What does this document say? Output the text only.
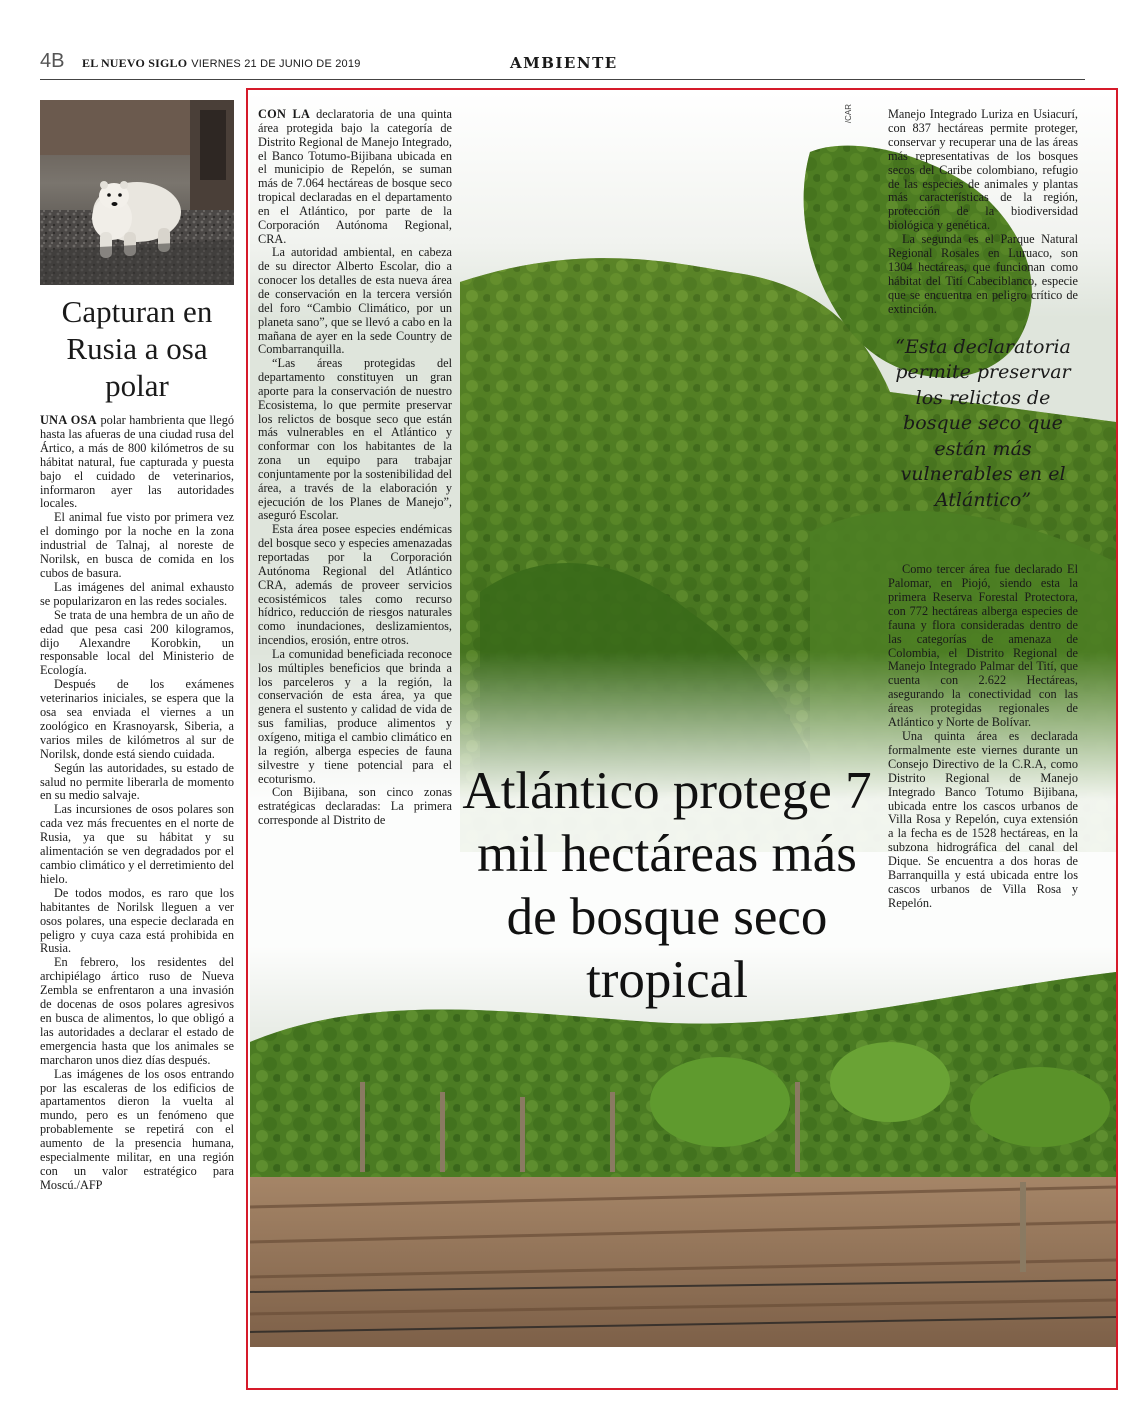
4B EL NUEVO SIGLO VIERNES 21 DE JUNIO DE 2019	AMBIENTE
Capturan en Rusia a osa polar

UNA OSA polar hambrienta que llegó hasta las afueras de una ciudad rusa del Ártico, a más de 800 kilómetros de su hábitat natural, fue capturada y puesta bajo el cuidado de veterinarios, informaron ayer las autoridades locales.

El animal fue visto por primera vez el domingo por la noche en la zona industrial de Talnaj, al noreste de Norilsk, en busca de comida en los cubos de basura.

Las imágenes del animal exhausto se popularizaron en las redes sociales.

Se trata de una hembra de un año de edad que pesa casi 200 kilogramos, dijo Alexandre Korobkin, un responsable local del Ministerio de Ecología.

Después de los exámenes veterinarios iniciales, se espera que la osa sea enviada el viernes a un zoológico en Krasnoyarsk, Siberia, a varios miles de kilómetros al sur de Norilsk, donde está siendo cuidada.

Según las autoridades, su estado de salud no permite liberarla de momento en su medio salvaje.

Las incursiones de osos polares son cada vez más frecuentes en el norte de Rusia, ya que su hábitat y su alimentación se ven degradados por el cambio climático y el derretimiento del hielo.

De todos modos, es raro que los habitantes de Norilsk lleguen a ver osos polares, una especie declarada en peligro y cuya caza está prohibida en Rusia.

En febrero, los residentes del archipiélago ártico ruso de Nueva Zembla se enfrentaron a una invasión de docenas de osos polares agresivos en busca de alimentos, lo que obligó a las autoridades a declarar el estado de emergencia hasta que los animales se marcharon unos diez días después.

Las imágenes de los osos entrando por las escaleras de los edificios de apartamentos dieron la vuelta al mundo, pero es un fenómeno que probablemente se repetirá con el aumento de la presencia humana, especialmente militar, en una región con un valor estratégico para Moscú./AFP

/CAR

CON LA declaratoria de una quinta área protegida bajo la categoría de Distrito Regional de Manejo Integrado, el Banco Totumo-Bijibana ubicada en el municipio de Repelón, se suman más de 7.064 hectáreas de bosque seco tropical declaradas en el departamento en el Atlántico, por parte de la Corporación Autónoma Regional, CRA.

La autoridad ambiental, en cabeza de su director Alberto Escolar, dio a conocer los detalles de esta nueva área de conservación en la tercera versión del foro “Cambio Climático, por un planeta sano”, que se llevó a cabo en la mañana de ayer en la sede Country de Combarranquilla.

“Las áreas protegidas del departamento constituyen un gran aporte para la conservación de nuestro Ecosistema, lo que permite preservar los relictos de bosque seco que están más vulnerables en el Atlántico y conformar con los habitantes de la zona un equipo para trabajar conjuntamente por la sostenibilidad del área, a través de la elaboración y ejecución de los Planes de Manejo”, aseguró Escolar.

Esta área posee especies endémicas del bosque seco y especies amenazadas reportadas por la Corporación Autónoma Regional del Atlántico CRA, además de proveer servicios ecosistémicos tales como recurso hídrico, reducción de riesgos naturales como inundaciones, deslizamientos, incendios, erosión, entre otros.

La comunidad beneficiada reconoce los múltiples beneficios que brinda a los parceleros y a la región, la conservación de esta área, ya que genera el sustento y calidad de vida de sus familias, produce alimentos y oxígeno, mitiga el cambio climático en la región, alberga especies de fauna silvestre y tiene potencial para el ecoturismo.

Con Bijibana, son cinco zonas estratégicas declaradas: La primera corresponde al Distrito de

Atlántico protege 7 mil hectáreas más de bosque seco tropical

Manejo Integrado Luriza en Usiacurí, con 837 hectáreas permite proteger, conservar y recuperar una de las áreas más representativas de los bosques secos del Caribe colombiano, refugio de las especies de animales y plantas más características de la región, protección de la biodiversidad biológica y genética.

La segunda es el Parque Natural Regional Rosales en Luruaco, son 1304 hectáreas, que funcionan como hábitat del Tití Cabeciblanco, especie que se encuentra en peligro crítico de extinción.

“Esta declaratoria permite preservar los relictos de bosque seco que están más vulnerables en el Atlántico”

Como tercer área fue declarado El Palomar, en Piojó, siendo esta la primera Reserva Forestal Protectora, con 772 hectáreas alberga especies de fauna y flora consideradas dentro de las categorías de amenaza de Colombia, el Distrito Regional de Manejo Integrado Palmar del Tití, que cuenta con 2.622 Hectáreas, asegurando la conectividad con las áreas protegidas regionales de Atlántico y Norte de Bolívar.

Una quinta área es declarada formalmente este viernes durante un Consejo Directivo de la C.R.A, como Distrito Regional de Manejo Integrado Banco Totumo Bijibana, ubicada entre los cascos urbanos de Villa Rosa y Repelón, cuya extensión a la fecha es de 1528 hectáreas, en la subzona hidrográfica del canal del Dique. Se encuentra a dos horas de Barranquilla y está ubicada entre los cascos urbanos de Villa Rosa y Repelón.
